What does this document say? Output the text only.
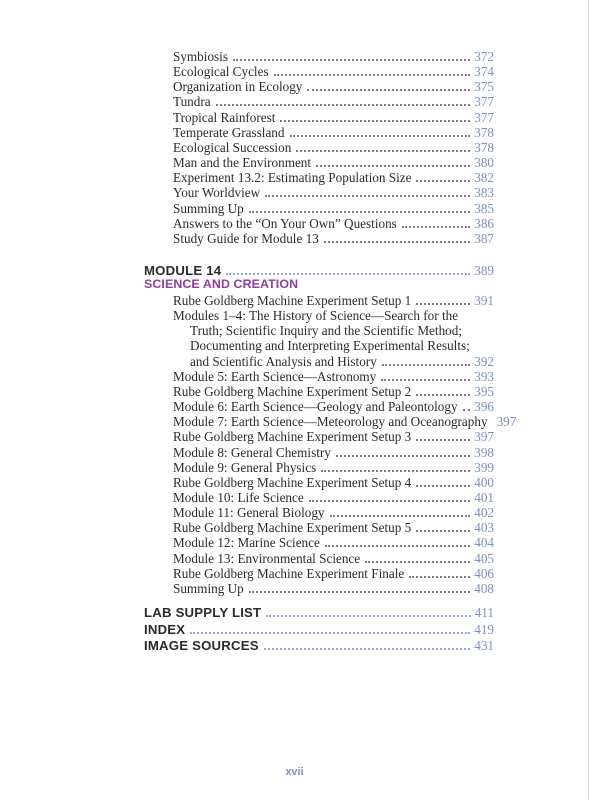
Symbiosis	372
Ecological Cycles	374
Organization in Ecology	375
Tundra	377
Tropical Rainforest	377
Temperate Grassland	378
Ecological Succession	378
Man and the Environment	380
Experiment 13.2: Estimating Population Size	382
Your Worldview	383
Summing Up	385
Answers to the “On Your Own” Questions	386
Study Guide for Module 13	387
MODULE 14	389
SCIENCE AND CREATION
Rube Goldberg Machine Experiment Setup 1	391
Modules 1–4: The History of Science—Search for the
Truth; Scientific Inquiry and the Scientific Method;
Documenting and Interpreting Experimental Results;
and Scientific Analysis and History	392
Module 5: Earth Science—Astronomy	393
Rube Goldberg Machine Experiment Setup 2	395
Module 6: Earth Science—Geology and Paleontology 396
Module 7: Earth Science—Meteorology and Oceanography 397
Rube Goldberg Machine Experiment Setup 3	397
Module 8: General Chemistry	398
Module 9: General Physics	399
Rube Goldberg Machine Experiment Setup 4	400
Module 10: Life Science	401
Module 11: General Biology	402
Rube Goldberg Machine Experiment Setup 5	403
Module 12: Marine Science	404
Module 13: Environmental Science	405
Rube Goldberg Machine Experiment Finale	406
Summing Up	408
LAB SUPPLY LIST	411
INDEX	419
IMAGE SOURCES	431
xvii
